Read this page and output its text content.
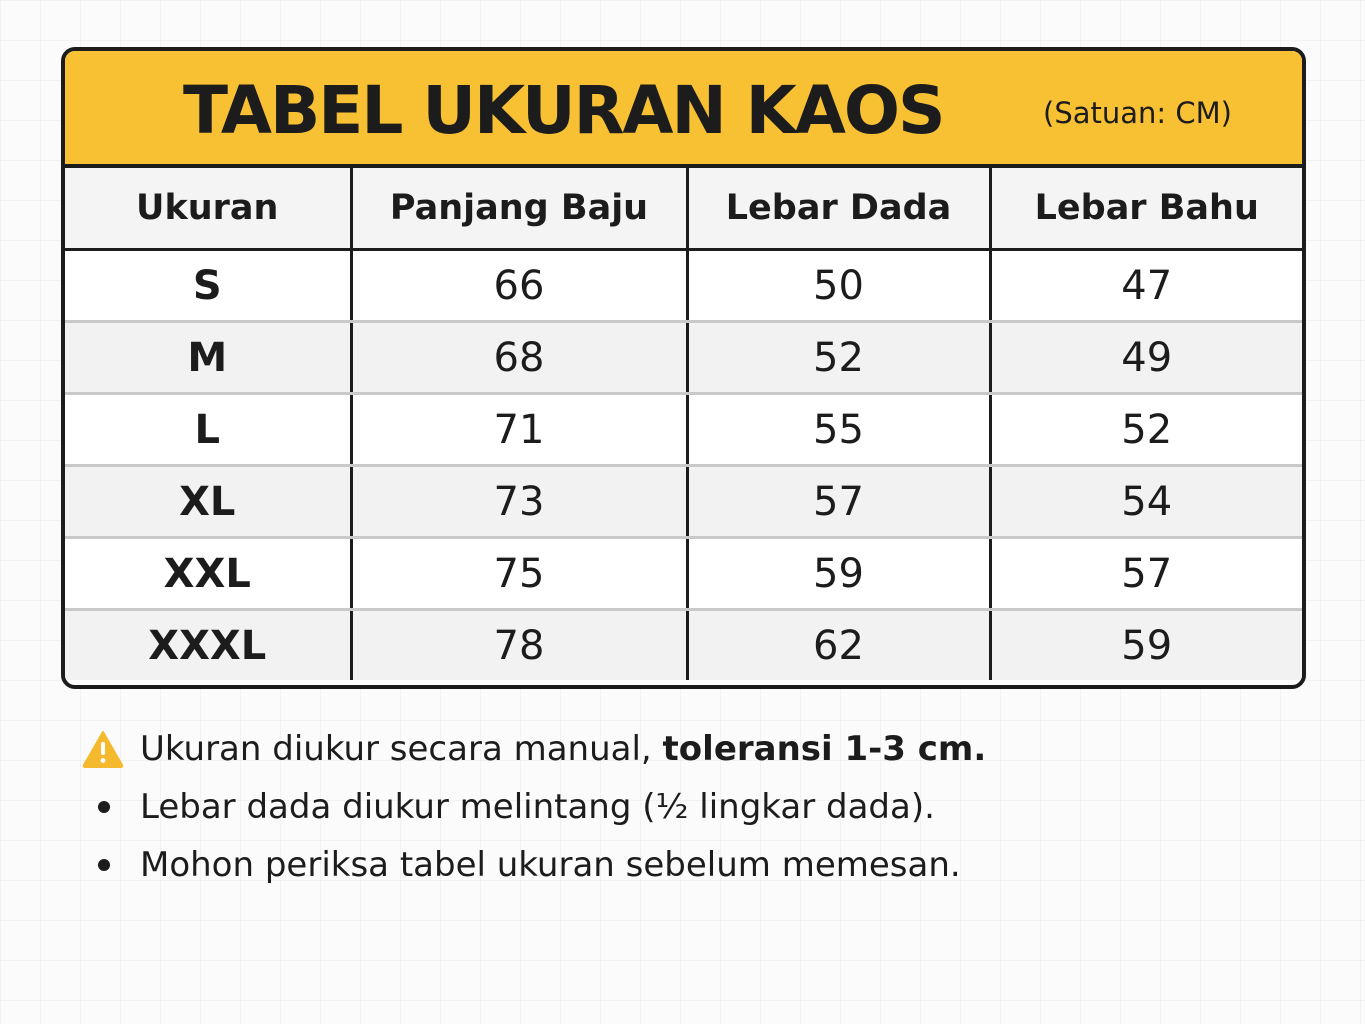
TABEL UKURAN KAOS	(Satuan: CM)
Ukuran	Panjang Baju	Lebar Dada	Lebar Bahu
S	66	50	47
M	68	52	49
L	71	55	52
XL	73	57	54
XXL	75	59	57
XXXL	78	62	59
Ukuran diukur secara manual, toleransi 1-3 cm.
Lebar dada diukur melintang (½ lingkar dada).
Mohon periksa tabel ukuran sebelum memesan.
